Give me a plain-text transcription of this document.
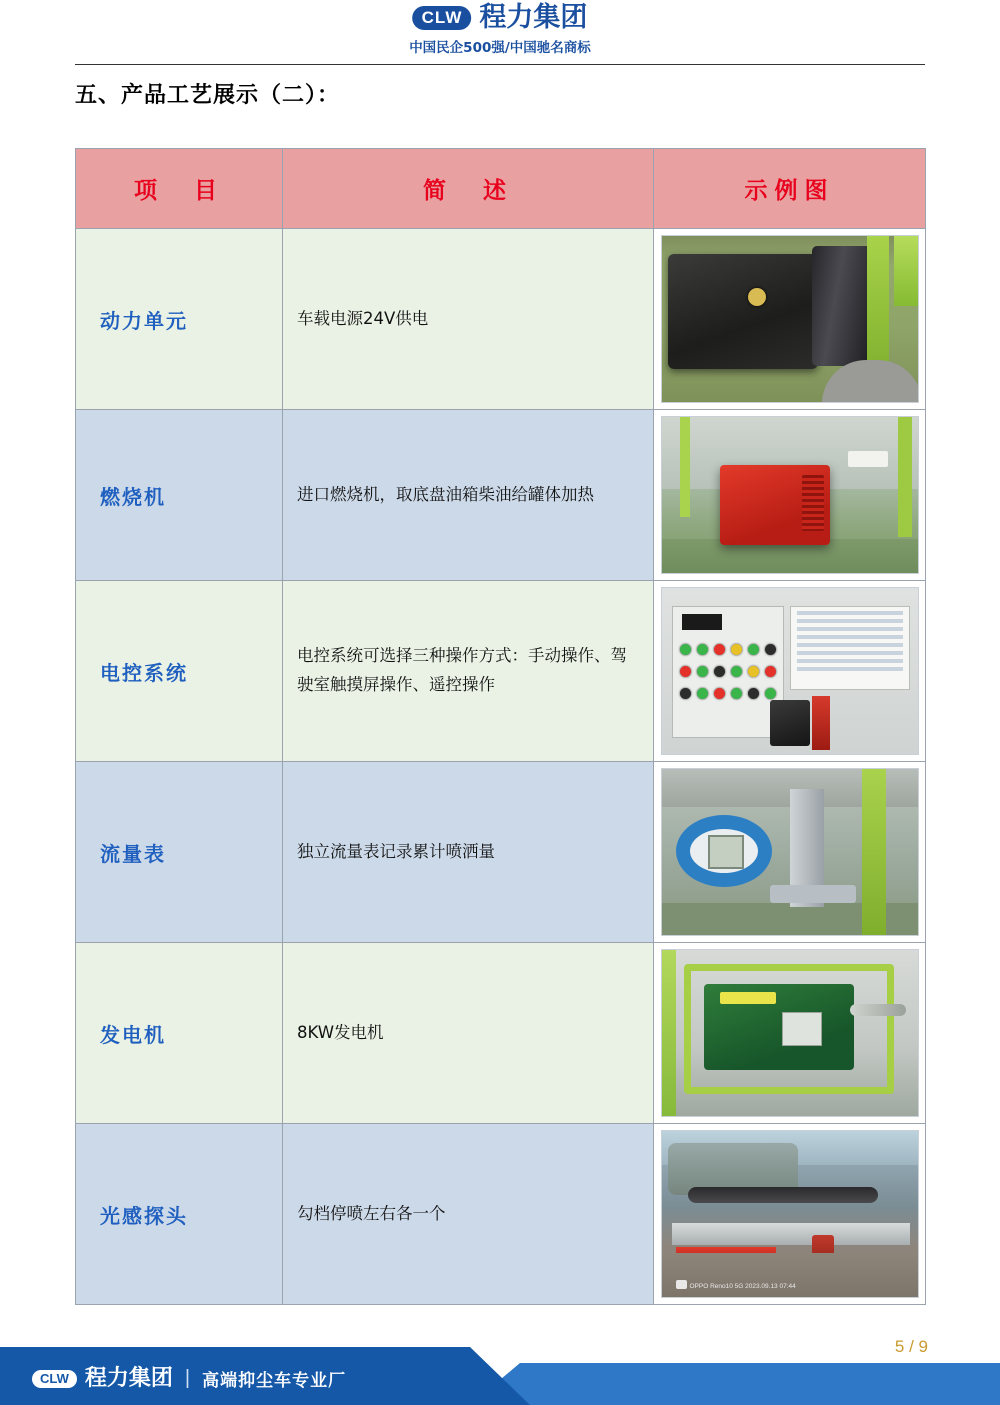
CLW 程力集团
中国民企500强/中国驰名商标
五、产品工艺展示（二）：
项　目	简　述	示例图
动力单元	车载电源24V供电	

燃烧机	进口燃烧机，取底盘油箱柴油给罐体加热	

电控系统	电控系统可选择三种操作方式：手动操作、驾驶室触摸屏操作、遥控操作	

流量表	独立流量表记录累计喷洒量	

发电机	8KW发电机	

光感探头	勾档停喷左右各一个	OPPO Reno10 5G 2023.09.13 07:44
CLW 程力集团 | 高端抑尘车专业厂
5 / 9
